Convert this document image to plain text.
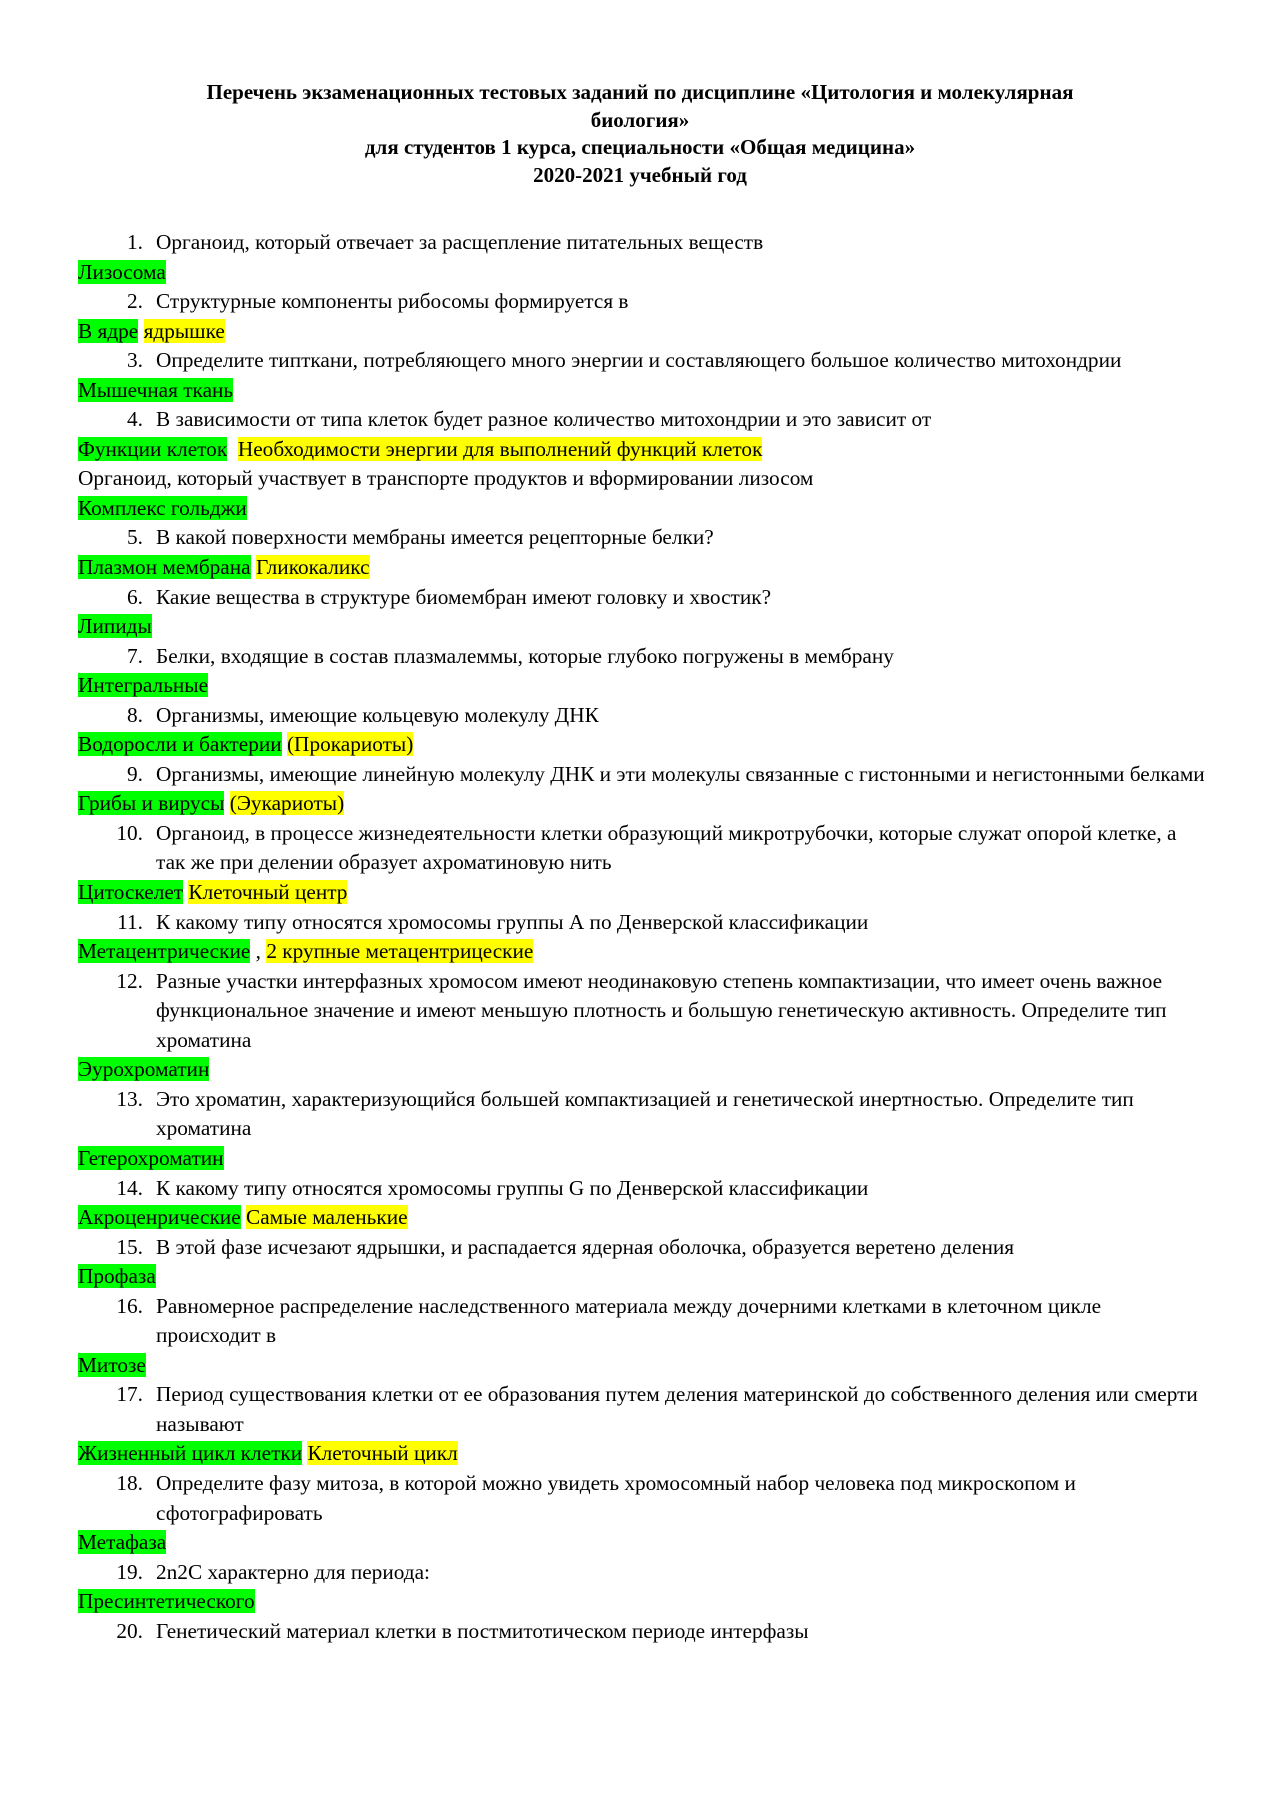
Перечень экзаменационных тестовых заданий по дисциплине «Цитология и молекулярная
биология»
для студентов 1 курса, специальности «Общая медицина»
2020-2021 учебный год
1. Органоид, который отвечает за расщепление питательных веществ
Лизосома
2. Структурные компоненты рибосомы формируется в
В ядре ядрышке
3. Определите типткани, потребляющего много энергии и составляющего большое количество митохондрии
Мышечная ткань
4. В зависимости от типа клеток будет разное количество митохондрии и это зависит от
Функции клеток Необходимости энергии для выполнений функций клеток
Органоид, который участвует в транспорте продуктов и вформировании лизосом
Комплекс гольджи
5. В какой поверхности мембраны имеется рецепторные белки?
Плазмон мембрана Гликокаликс
6. Какие вещества в структуре биомембран имеют головку и хвостик?
Липиды
7. Белки, входящие в состав плазмалеммы, которые глубоко погружены в мембрану
Интегральные
8. Организмы, имеющие кольцевую молекулу ДНК
Водоросли и бактерии (Прокариоты)
9. Организмы, имеющие линейную молекулу ДНК и эти молекулы связанные с гистонными и негистонными белками
Грибы и вирусы (Эукариоты)
10. Органоид, в процессе жизнедеятельности клетки образующий микротрубочки, которые служат опорой клетке, а так же при делении образует ахроматиновую нить
Цитоскелет Клеточный центр
11. К какому типу относятся хромосомы группы А по Денверской классификации
Метацентрические , 2 крупные метацентрицеские
12. Разные участки интерфазных хромосом имеют неодинаковую степень компактизации, что имеет очень важное функциональное значение и имеют меньшую плотность и большую генетическую активность. Определите тип хроматина
Эурохроматин
13. Это хроматин, характеризующийся большей компактизацией и генетической инертностью. Определите тип хроматина
Гетерохроматин
14. К какому типу относятся хромосомы группы G по Денверской классификации
Акроценрические Самые маленькие
15. В этой фазе исчезают ядрышки, и распадается ядерная оболочка, образуется веретено деления
Профаза
16. Равномерное распределение наследственного материала между дочерними клетками в клеточном цикле происходит в
Митозе
17. Период существования клетки от ее образования путем деления материнской до собственного деления или смерти называют
Жизненный цикл клетки Клеточный цикл
18. Определите фазу митоза, в которой можно увидеть хромосомный набор человека под микроскопом и сфотографировать
Метафаза
19. 2n2C характерно для периода:
Пресинтетического
20. Генетический материал клетки в постмитотическом периоде интерфазы
